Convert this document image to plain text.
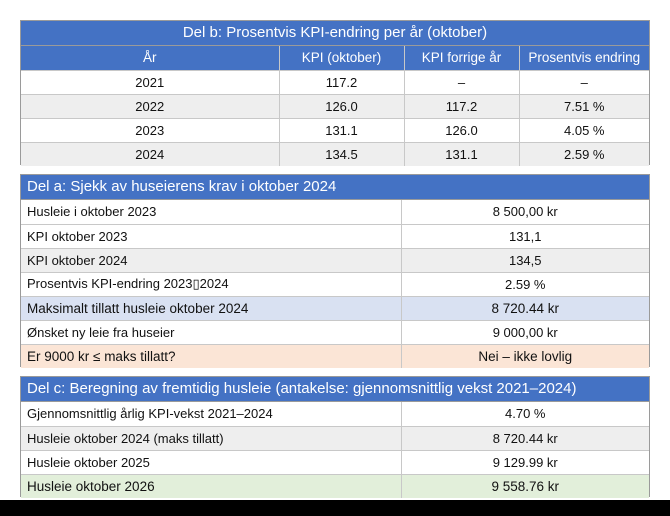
Del b: Prosentvis KPI-endring per år (oktober)
År	KPI (oktober)	KPI forrige år	Prosentvis endring
2021	117.2	–	–
2022	126.0	117.2	7.51 %
2023	131.1	126.0	4.05 %
2024	134.5	131.1	2.59 %
Del a: Sjekk av huseierens krav i oktober 2024
Husleie i oktober 2023	8 500,00 kr
KPI oktober 2023	131,1
KPI oktober 2024	134,5
Prosentvis KPI-endring 2023▯2024	2.59 %
Maksimalt tillatt husleie oktober 2024	8 720.44 kr
Ønsket ny leie fra huseier	9 000,00 kr
Er 9000 kr ≤ maks tillatt?	Nei – ikke lovlig
Del c: Beregning av fremtidig husleie (antakelse: gjennomsnittlig vekst 2021–2024)
Gjennomsnittlig årlig KPI-vekst 2021–2024	4.70 %
Husleie oktober 2024 (maks tillatt)	8 720.44 kr
Husleie oktober 2025	9 129.99 kr
Husleie oktober 2026	9 558.76 kr
